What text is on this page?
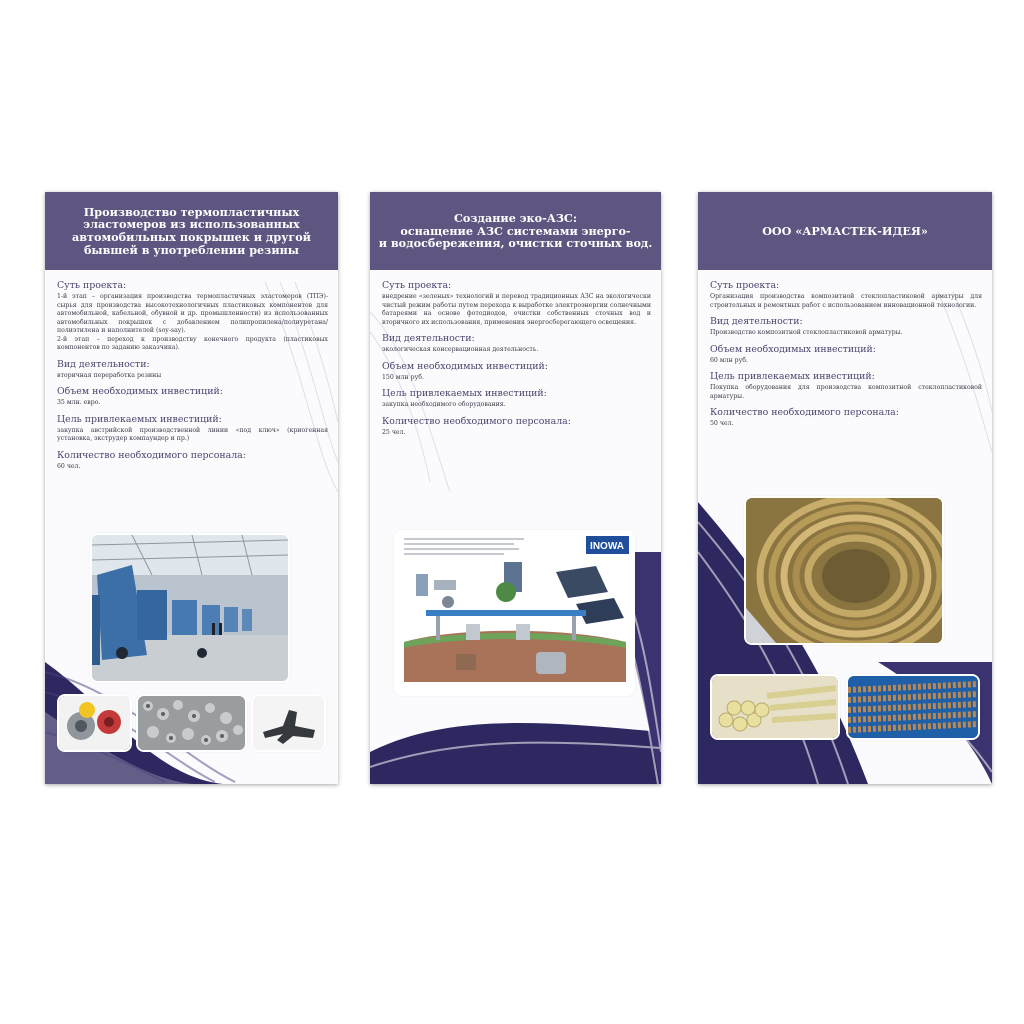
Производство термопластичных
эластомеров из использованных
автомобильных покрышек и другой
бывшей в употреблении резины
Суть проекта:
1-й этап – организация производства термопластичных эластомеров (ТПЭ)- сырья для производства высокотехнологичных пластиковых компонентов для автомобильной, кабельной, обувной и др. промышленности) из использованных автомобильных покрышек с добавлением полипропилена/полиуретана/полиэтилена и наполнителей (soy-say).
2-й этап – переход к производству конечного продукта (пластиковых компонентов по заданию заказчика).
Вид деятельности:
вторичная переработка резины
Объем необходимых инвестиций:
35 млн. евро.
Цель привлекаемых инвестиций:
закупка австрийской производственной линии «под ключ» (криогенная установка, экструдер компаундер и пр.)
Количество необходимого персонала:
60 чел.
Создание эко-АЗС:
оснащение АЗС системами энерго-
и водосбережения, очистки сточных вод.
Суть проекта:
внедрение «зеленых» технологий и перевод традиционных АЗС на экологически чистый режим работы путем перехода к выработке электроэнергии солнечными батареями на основе фотодиодов, очистки собственных сточных вод и вторичного их использования, применения энергосберегающего освещения.
Вид деятельности:
экологическая консервационная деятельность.
Объем необходимых инвестиций:
150 млн руб.
Цель привлекаемых инвестиций:
закупка необходимого оборудования.
Количество необходимого персонала:
25 чел.
INOWA
ООО «АРМАСТЕК-ИДЕЯ»
Суть проекта:
Организация производства композитной стеклопластиковой арматуры для строительных и ремонтных работ с использованием инновационной технологии.
Вид деятельности:
Производство композитной стеклопластиковой арматуры.
Объем необходимых инвестиций:
60 млн руб.
Цель привлекаемых инвестиций:
Покупка оборудования для производства композитной стеклопластиковой арматуры.
Количество необходимого персонала:
50 чел.
